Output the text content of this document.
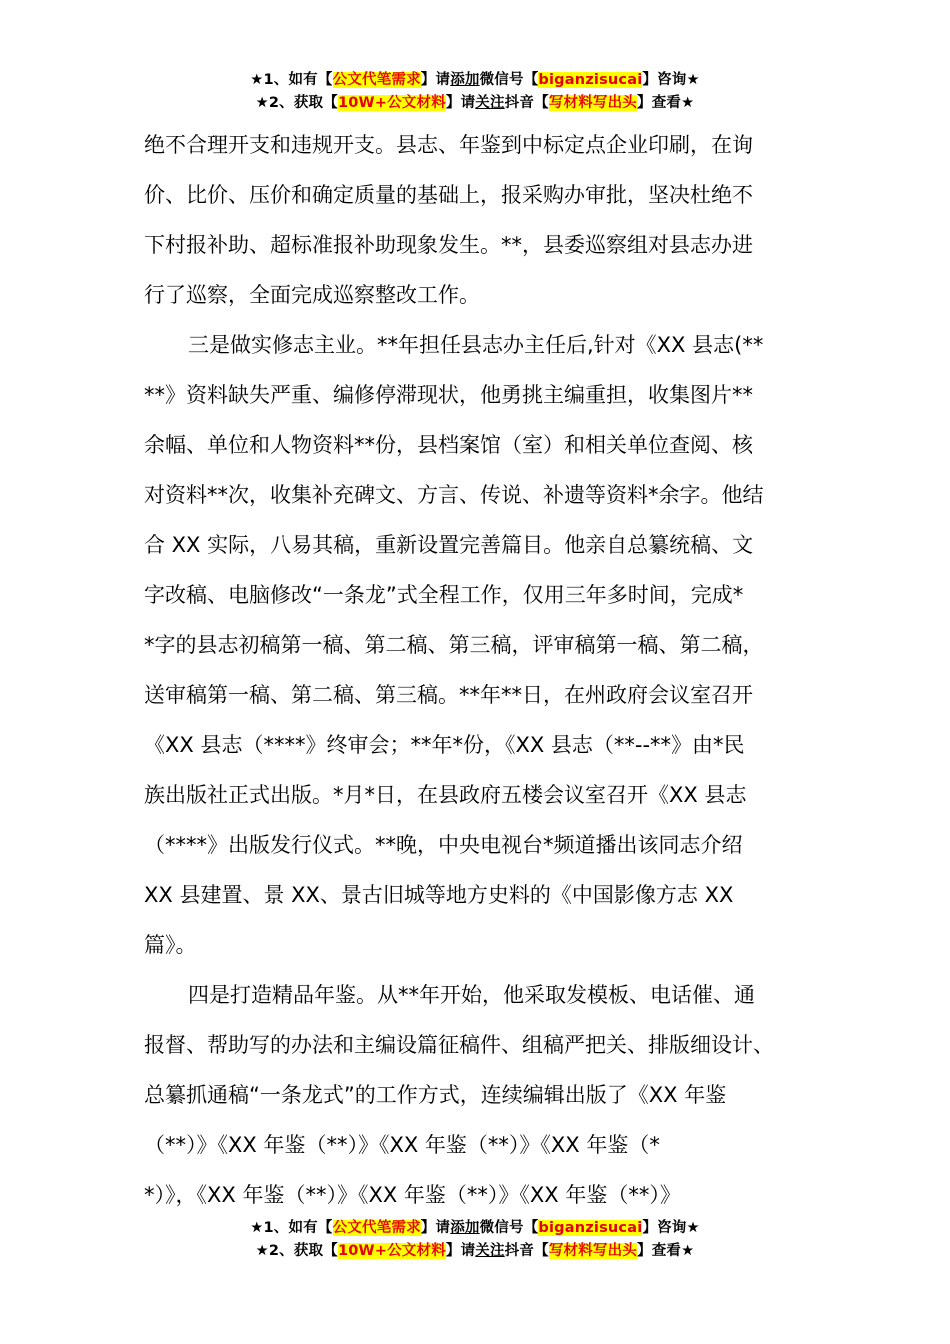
★1、如有【公文代笔需求】请添加微信号【biganzisucai】咨询★
★2、获取【10W+公文材料】请关注抖音【写材料写出头】查看★

绝不合理开支和违规开支。县志、年鉴到中标定点企业印刷，在询
价、比价、压价和确定质量的基础上，报采购办审批，坚决杜绝不
下村报补助、超标准报补助现象发生。**，县委巡察组对县志办进
行了巡察，全面完成巡察整改工作。

三是做实修志主业。**年担任县志办主任后,针对《XX 县志(**
**》资料缺失严重、编修停滞现状，他勇挑主编重担，收集图片**
余幅、单位和人物资料**份，县档案馆（室）和相关单位查阅、核
对资料**次，收集补充碑文、方言、传说、补遗等资料*余字。他结
合 XX 实际，八易其稿，重新设置完善篇目。他亲自总纂统稿、文
字改稿、电脑修改“一条龙”式全程工作，仅用三年多时间，完成*
*字的县志初稿第一稿、第二稿、第三稿，评审稿第一稿、第二稿，
送审稿第一稿、第二稿、第三稿。**年**日，在州政府会议室召开
《XX 县志（****》终审会；**年*份，《XX 县志（**--**》由*民
族出版社正式出版。*月*日，在县政府五楼会议室召开《XX 县志
（****》出版发行仪式。**晚，中央电视台*频道播出该同志介绍
XX 县建置、景 XX、景古旧城等地方史料的《中国影像方志 XX
篇》。

四是打造精品年鉴。从**年开始，他采取发模板、电话催、通
报督、帮助写的办法和主编设篇征稿件、组稿严把关、排版细设计、
总纂抓通稿“一条龙式”的工作方式，连续编辑出版了《XX 年鉴
（**）》《XX 年鉴（**）》《XX 年鉴（**）》《XX 年鉴（*
*）》，《XX 年鉴（**）》《XX 年鉴（**）》《XX 年鉴（**）》

★1、如有【公文代笔需求】请添加微信号【biganzisucai】咨询★
★2、获取【10W+公文材料】请关注抖音【写材料写出头】查看★
